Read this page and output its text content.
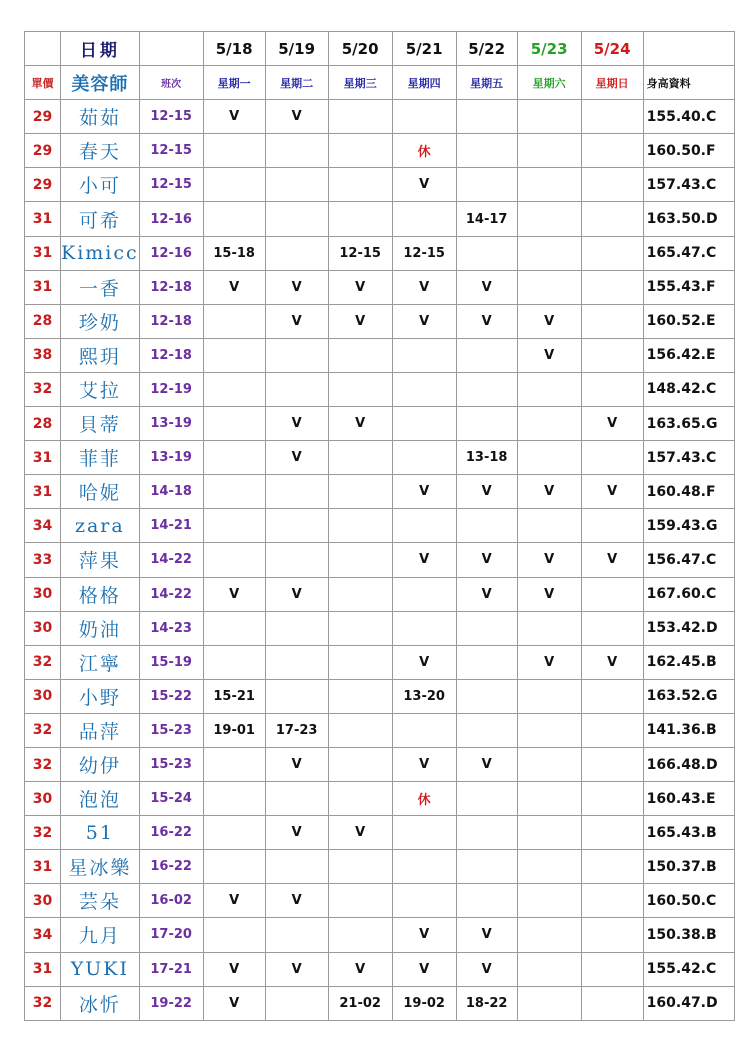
	日期		5/18	5/19	5/20	5/21	5/22	5/23	5/24	
單價	美容師	班次	星期一	星期二	星期三	星期四	星期五	星期六	星期日	身高資料
29	茹茹	12-15	V	V						155.40.C
29	春天	12-15				休				160.50.F
29	小可	12-15				V				157.43.C
31	可希	12-16					14-17			163.50.D
31	Kimicc	12-16	15-18		12-15	12-15				165.47.C
31	一香	12-18	V	V	V	V	V			155.43.F
28	珍奶	12-18		V	V	V	V	V		160.52.E
38	熙玥	12-18						V		156.42.E
32	艾拉	12-19								148.42.C
28	貝蒂	13-19		V	V				V	163.65.G
31	菲菲	13-19		V			13-18			157.43.C
31	哈妮	14-18				V	V	V	V	160.48.F
34	zara	14-21								159.43.G
33	萍果	14-22				V	V	V	V	156.47.C
30	格格	14-22	V	V			V	V		167.60.C
30	奶油	14-23								153.42.D
32	江寧	15-19				V		V	V	162.45.B
30	小野	15-22	15-21			13-20				163.52.G
32	品萍	15-23	19-01	17-23						141.36.B
32	幼伊	15-23		V		V	V			166.48.D
30	泡泡	15-24				休				160.43.E
32	51	16-22		V	V					165.43.B
31	星冰樂	16-22								150.37.B
30	芸朵	16-02	V	V						160.50.C
34	九月	17-20				V	V			150.38.B
31	YUKI	17-21	V	V	V	V	V			155.42.C
32	冰忻	19-22	V		21-02	19-02	18-22			160.47.D
